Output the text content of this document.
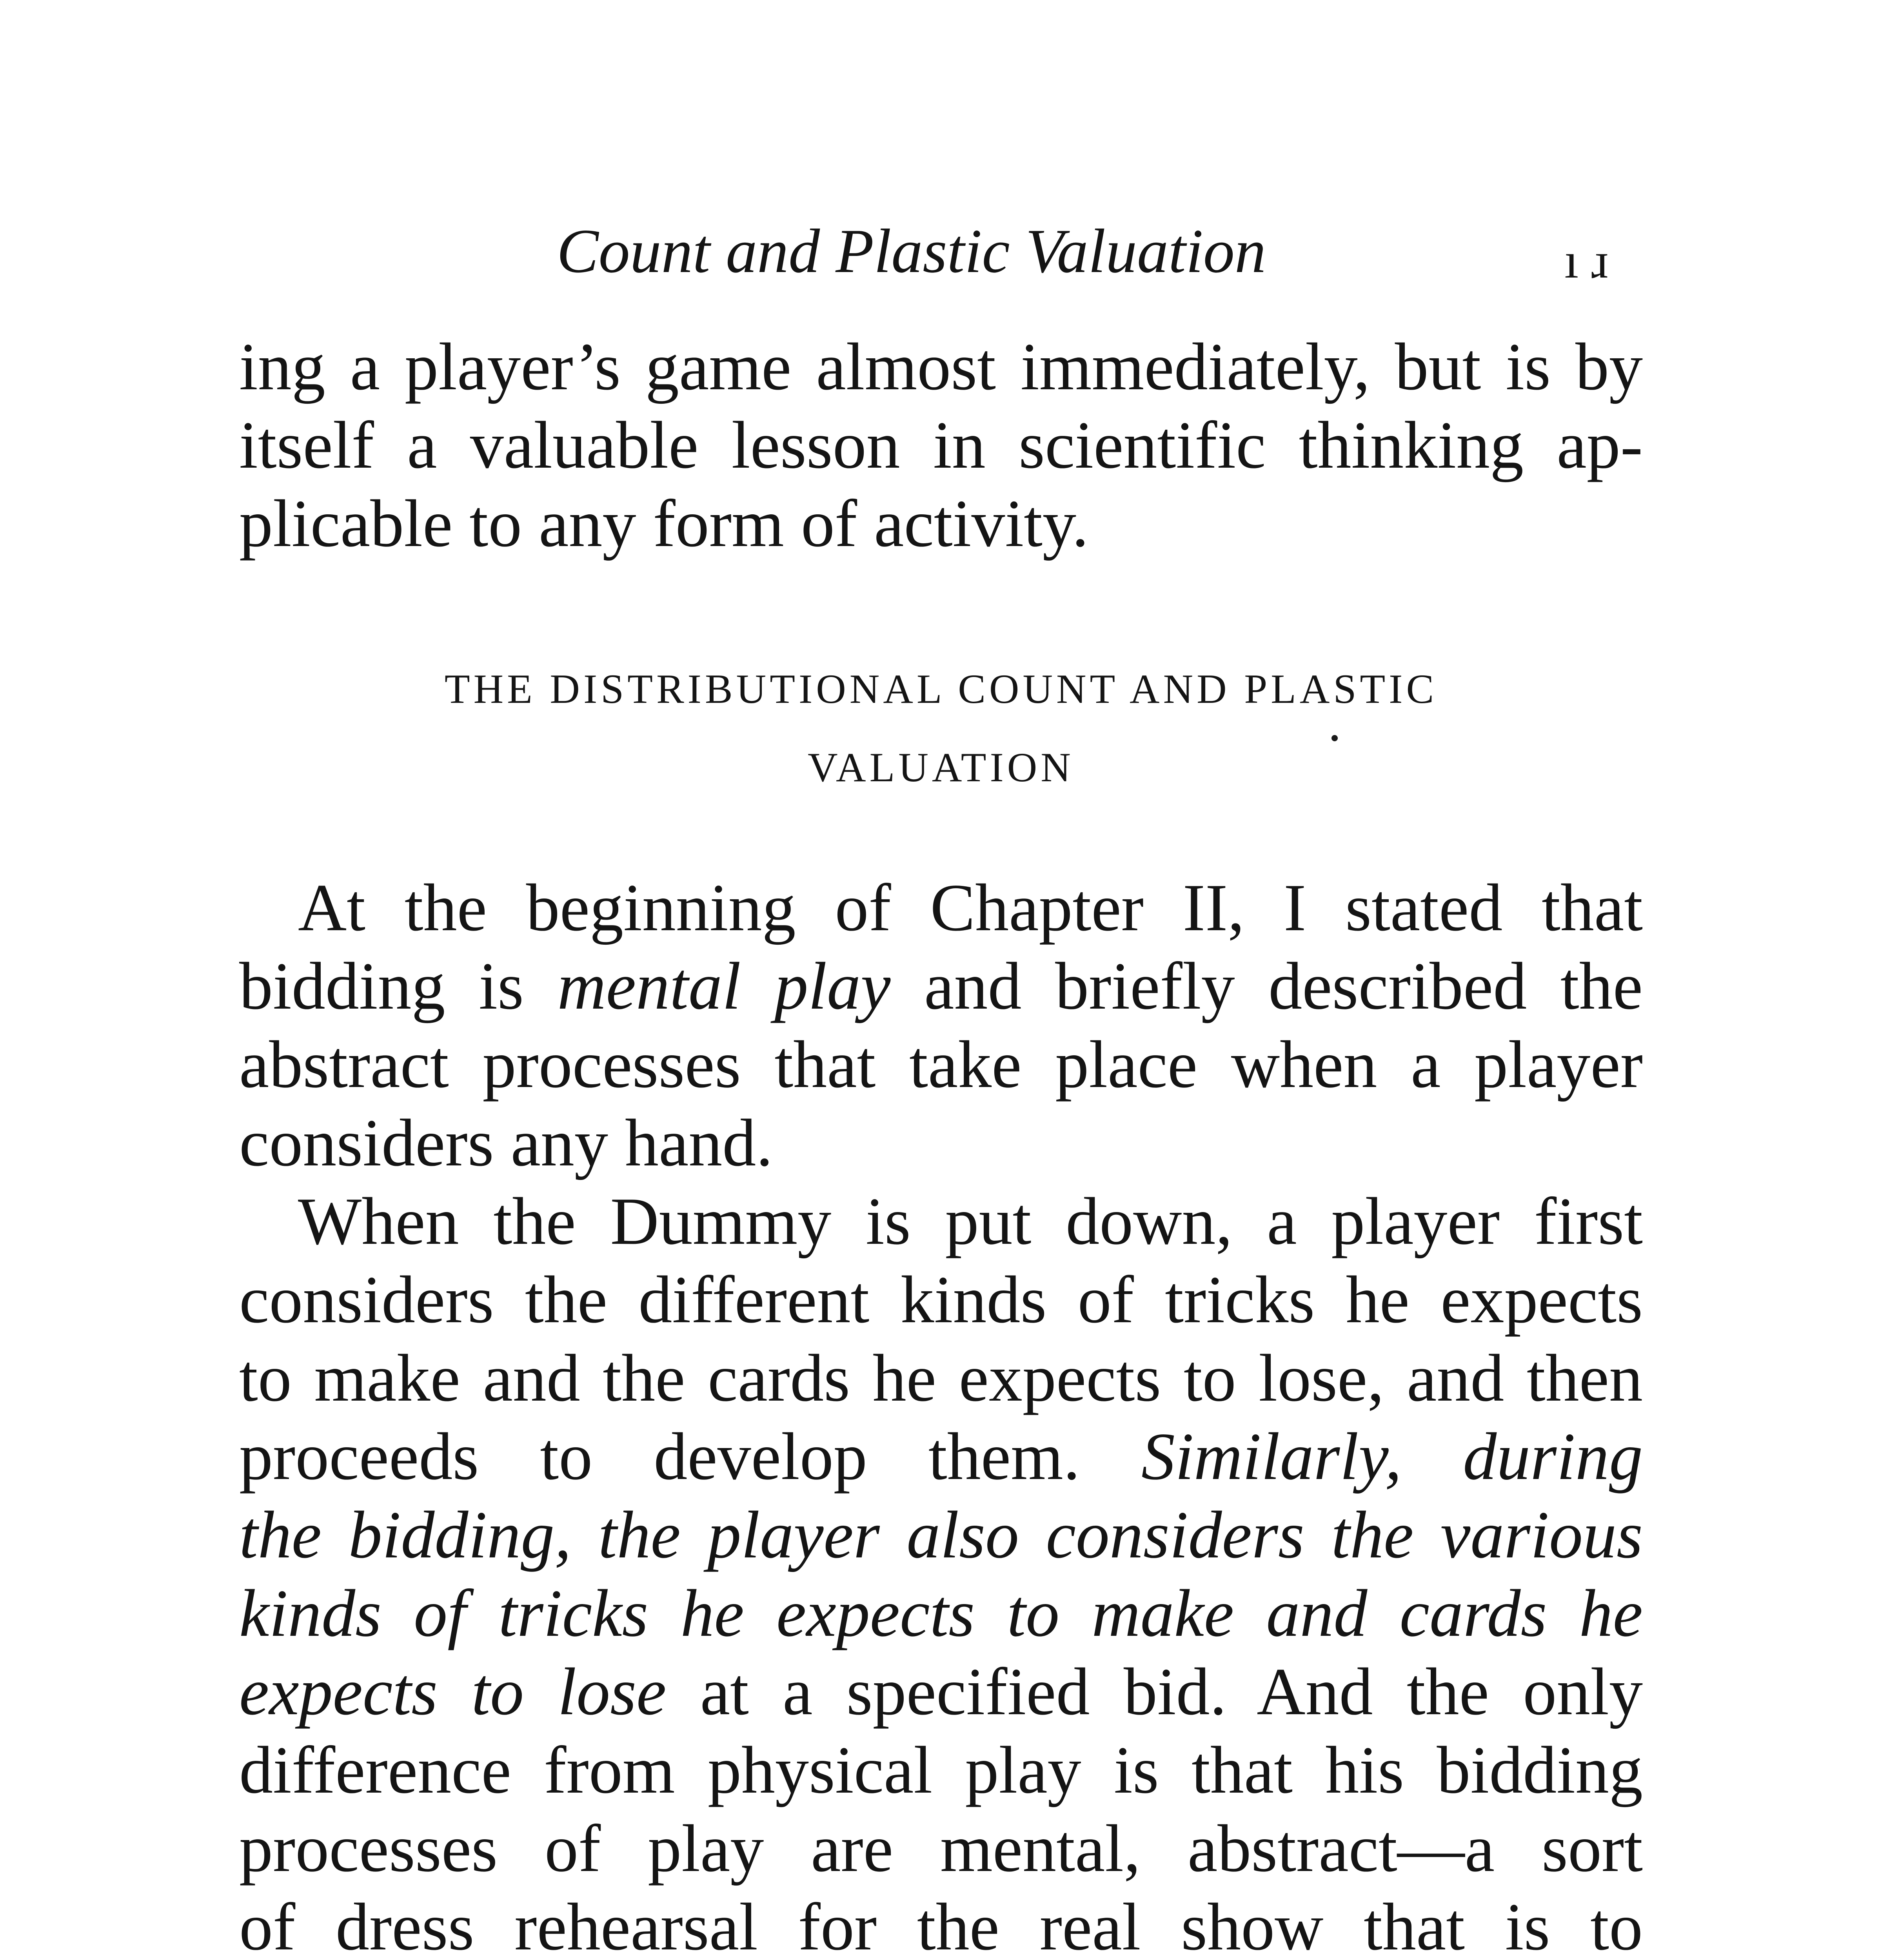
Count and Plastic Valuation	ı ɹ
ing a player’s game almost immediately, but is by
itself a valuable lesson in scientific thinking ap-
plicable to any form of activity.
THE DISTRIBUTIONAL COUNT AND PLASTIC
VALUATION
At the beginning of Chapter II, I stated that
bidding is mental play and briefly described the
abstract processes that take place when a player
considers any hand.
When the Dummy is put down, a player first
considers the different kinds of tricks he expects
to make and the cards he expects to lose, and then
proceeds to develop them. Similarly, during
the bidding, the player also considers the various
kinds of tricks he expects to make and cards he
expects to lose at a specified bid. And the only
difference from physical play is that his bidding
processes of play are mental, abstract—a sort
of dress rehearsal for the real show that is to
